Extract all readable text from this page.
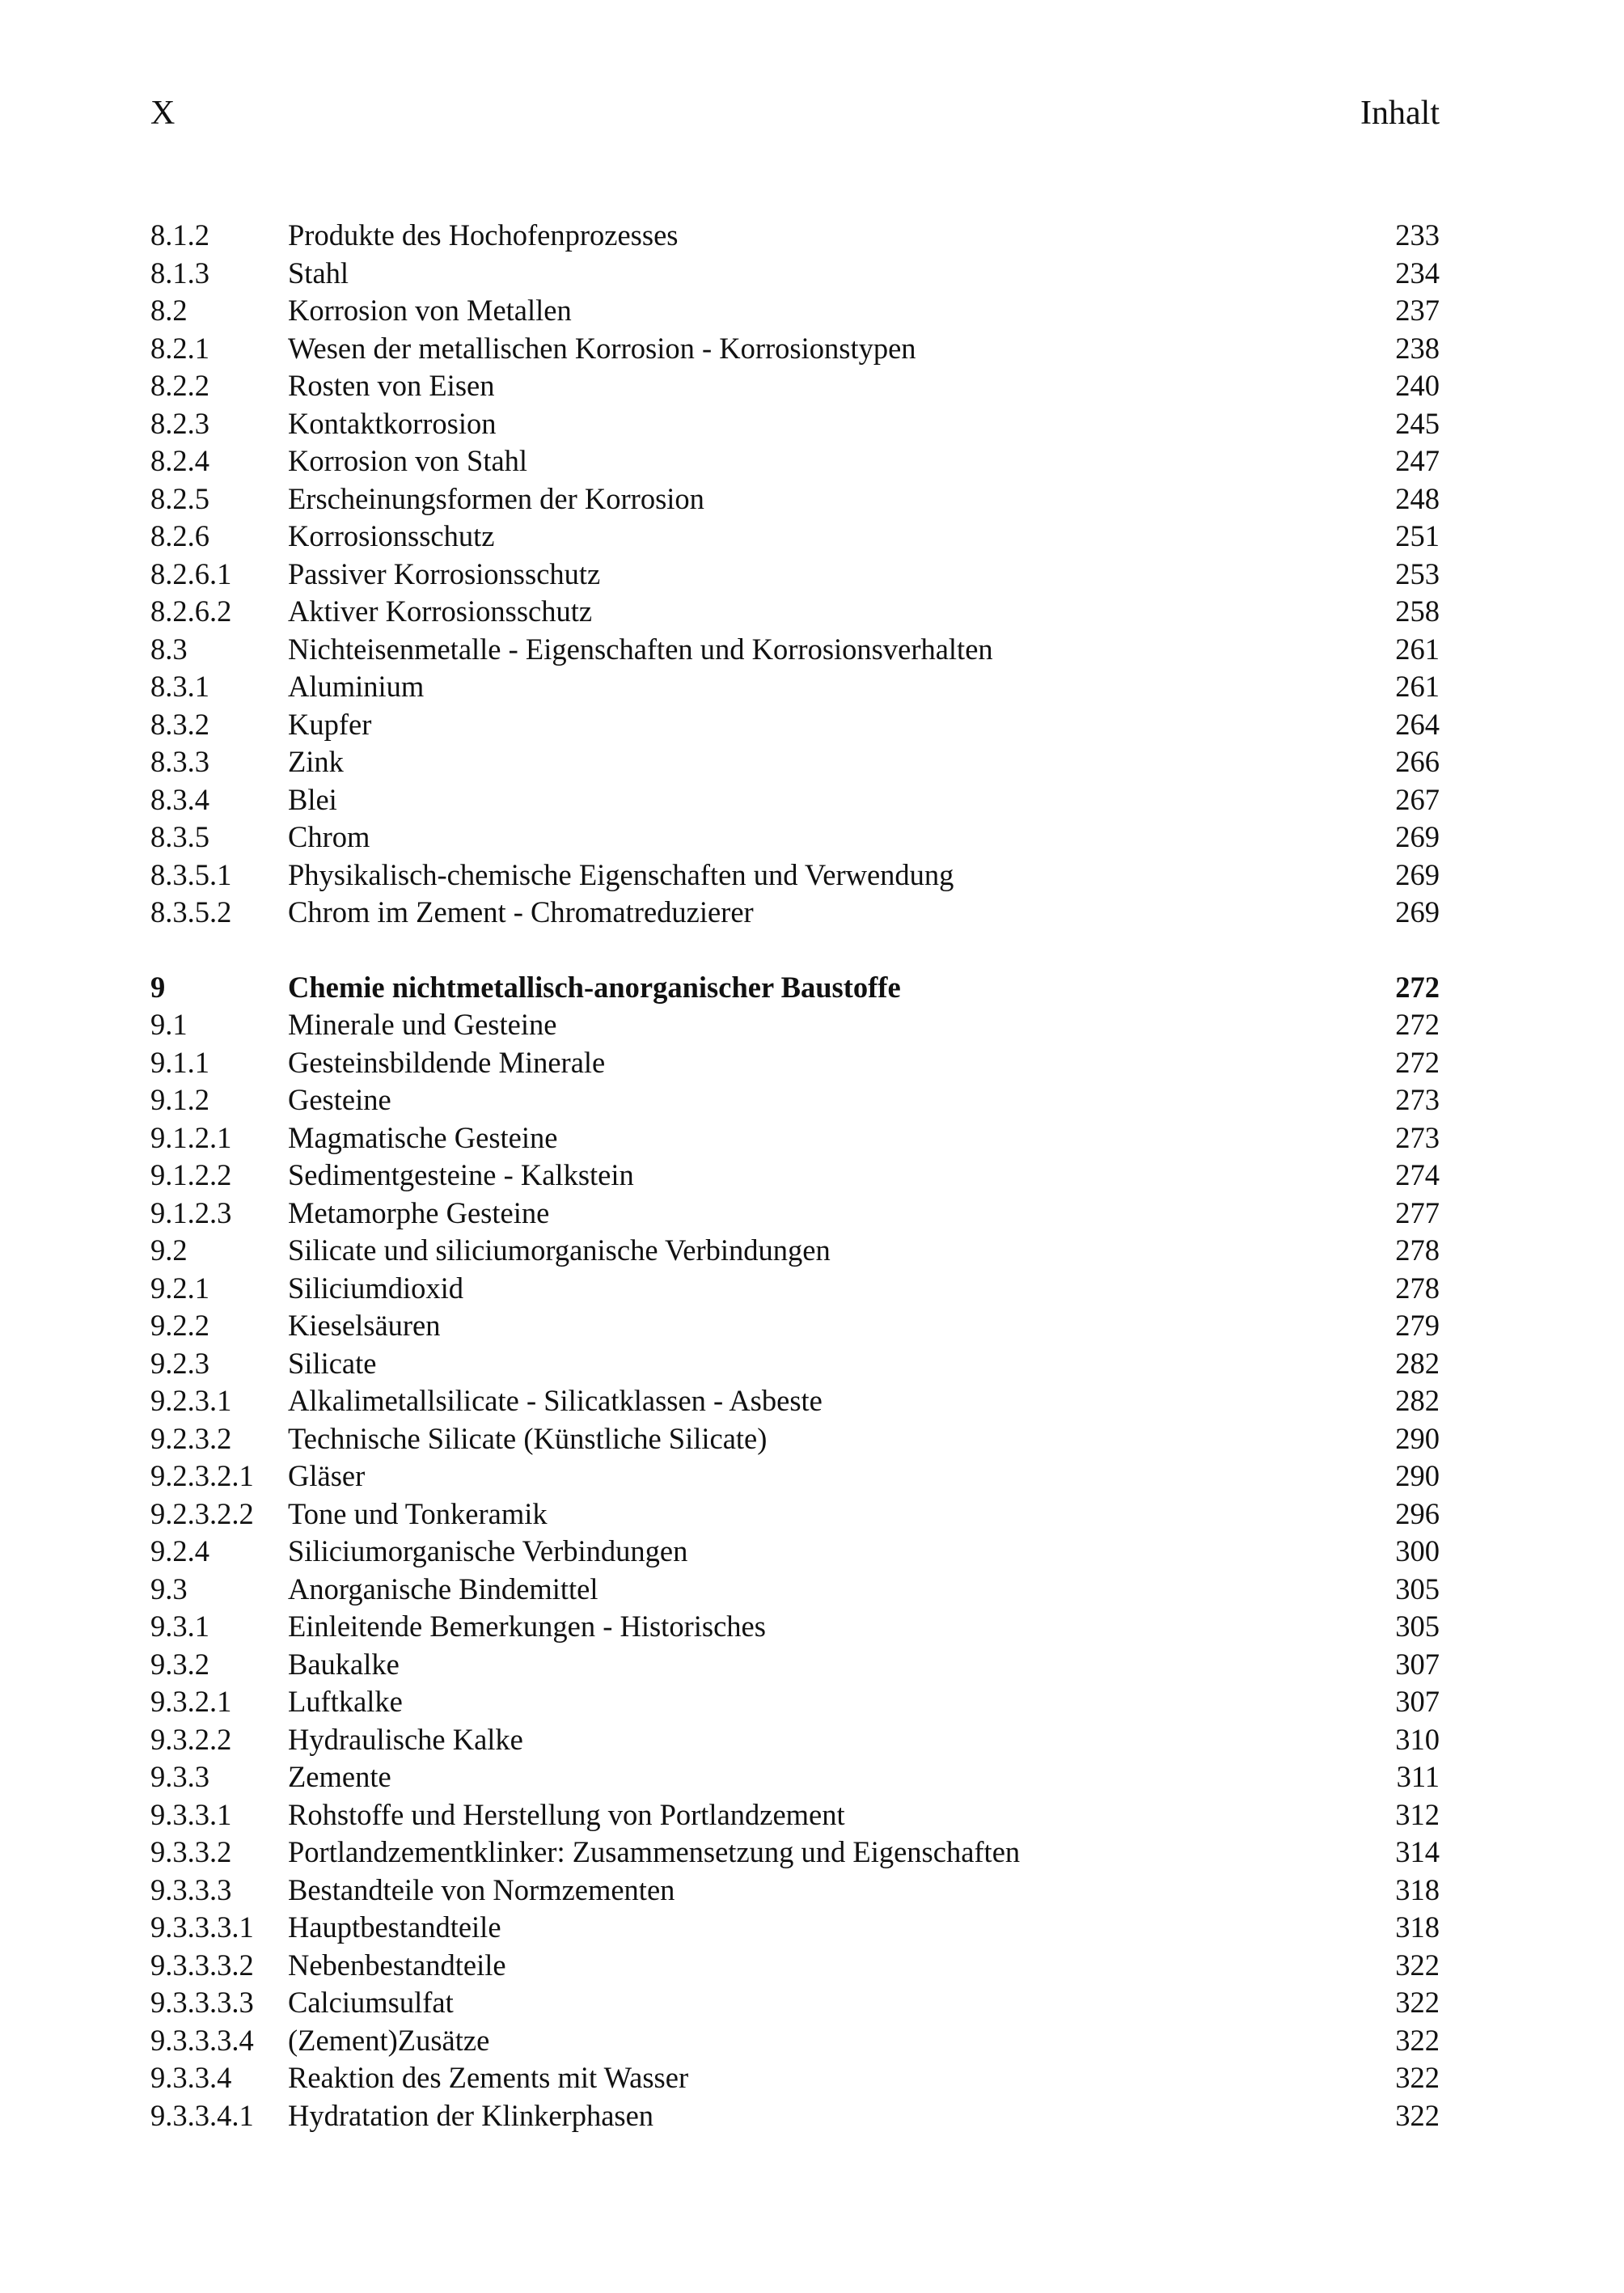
X	Inhalt
8.1.2	Produkte des Hochofenprozesses	233
8.1.3	Stahl	234
8.2	Korrosion von Metallen	237
8.2.1	Wesen der metallischen Korrosion - Korrosionstypen	238
8.2.2	Rosten von Eisen	240
8.2.3	Kontaktkorrosion	245
8.2.4	Korrosion von Stahl	247
8.2.5	Erscheinungsformen der Korrosion	248
8.2.6	Korrosionsschutz	251
8.2.6.1	Passiver Korrosionsschutz	253
8.2.6.2	Aktiver Korrosionsschutz	258
8.3	Nichteisenmetalle - Eigenschaften und Korrosionsverhalten	261
8.3.1	Aluminium	261
8.3.2	Kupfer	264
8.3.3	Zink	266
8.3.4	Blei	267
8.3.5	Chrom	269
8.3.5.1	Physikalisch-chemische Eigenschaften und Verwendung	269
8.3.5.2	Chrom im Zement - Chromatreduzierer	269
9	Chemie nichtmetallisch-anorganischer Baustoffe	272
9.1	Minerale und Gesteine	272
9.1.1	Gesteinsbildende Minerale	272
9.1.2	Gesteine	273
9.1.2.1	Magmatische Gesteine	273
9.1.2.2	Sedimentgesteine - Kalkstein	274
9.1.2.3	Metamorphe Gesteine	277
9.2	Silicate und siliciumorganische Verbindungen	278
9.2.1	Siliciumdioxid	278
9.2.2	Kieselsäuren	279
9.2.3	Silicate	282
9.2.3.1	Alkalimetallsilicate - Silicatklassen - Asbeste	282
9.2.3.2	Technische Silicate (Künstliche Silicate)	290
9.2.3.2.1	Gläser	290
9.2.3.2.2	Tone und Tonkeramik	296
9.2.4	Siliciumorganische Verbindungen	300
9.3	Anorganische Bindemittel	305
9.3.1	Einleitende Bemerkungen - Historisches	305
9.3.2	Baukalke	307
9.3.2.1	Luftkalke	307
9.3.2.2	Hydraulische Kalke	310
9.3.3	Zemente	311
9.3.3.1	Rohstoffe und Herstellung von Portlandzement	312
9.3.3.2	Portlandzementklinker: Zusammensetzung und Eigenschaften	314
9.3.3.3	Bestandteile von Normzementen	318
9.3.3.3.1	Hauptbestandteile	318
9.3.3.3.2	Nebenbestandteile	322
9.3.3.3.3	Calciumsulfat	322
9.3.3.3.4	(Zement)Zusätze	322
9.3.3.4	Reaktion des Zements mit Wasser	322
9.3.3.4.1	Hydratation der Klinkerphasen	322
